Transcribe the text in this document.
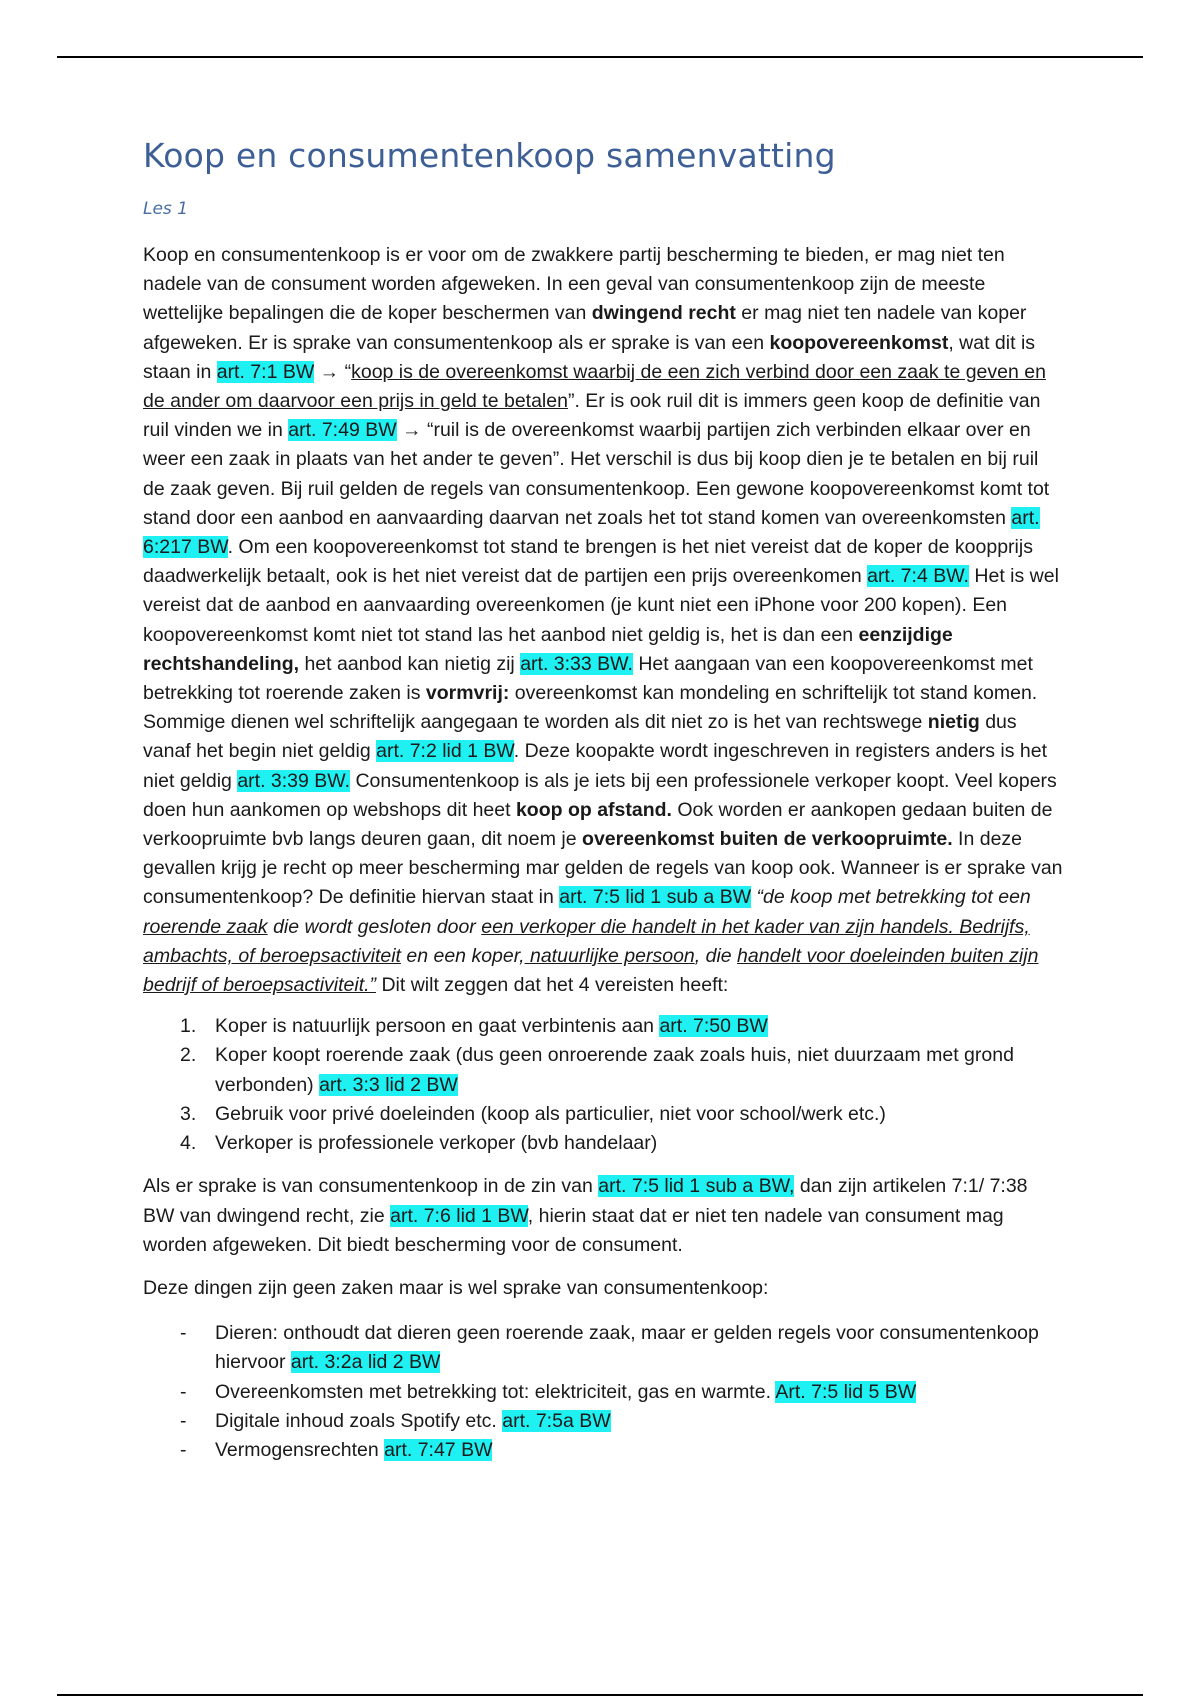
Koop en consumentenkoop samenvatting
Les 1

Koop en consumentenkoop is er voor om de zwakkere partij bescherming te bieden, er mag niet ten nadele van de consument worden afgeweken. In een geval van consumentenkoop zijn de meeste wettelijke bepalingen die de koper beschermen van dwingend recht er mag niet ten nadele van koper afgeweken. Er is sprake van consumentenkoop als er sprake is van een koopovereenkomst, wat dit is staan in art. 7:1 BW → “koop is de overeenkomst waarbij de een zich verbind door een zaak te geven en de ander om daarvoor een prijs in geld te betalen”. Er is ook ruil dit is immers geen koop de definitie van ruil vinden we in art. 7:49 BW → “ruil is de overeenkomst waarbij partijen zich verbinden elkaar over en weer een zaak in plaats van het ander te geven”. Het verschil is dus bij koop dien je te betalen en bij ruil de zaak geven. Bij ruil gelden de regels van consumentenkoop. Een gewone koopovereenkomst komt tot stand door een aanbod en aanvaarding daarvan net zoals het tot stand komen van overeenkomsten art. 6:217 BW. Om een koopovereenkomst tot stand te brengen is het niet vereist dat de koper de koopprijs daadwerkelijk betaalt, ook is het niet vereist dat de partijen een prijs overeenkomen art. 7:4 BW. Het is wel vereist dat de aanbod en aanvaarding overeenkomen (je kunt niet een iPhone voor 200 kopen). Een koopovereenkomst komt niet tot stand las het aanbod niet geldig is, het is dan een eenzijdige rechtshandeling, het aanbod kan nietig zij art. 3:33 BW. Het aangaan van een koopovereenkomst met betrekking tot roerende zaken is vormvrij: overeenkomst kan mondeling en schriftelijk tot stand komen. Sommige dienen wel schriftelijk aangegaan te worden als dit niet zo is het van rechtswege nietig dus vanaf het begin niet geldig art. 7:2 lid 1 BW. Deze koopakte wordt ingeschreven in registers anders is het niet geldig art. 3:39 BW. Consumentenkoop is als je iets bij een professionele verkoper koopt. Veel kopers doen hun aankomen op webshops dit heet koop op afstand. Ook worden er aankopen gedaan buiten de verkoopruimte bvb langs deuren gaan, dit noem je overeenkomst buiten de verkoopruimte. In deze gevallen krijg je recht op meer bescherming mar gelden de regels van koop ook. Wanneer is er sprake van consumentenkoop? De definitie hiervan staat in art. 7:5 lid 1 sub a BW “de koop met betrekking tot een roerende zaak die wordt gesloten door een verkoper die handelt in het kader van zijn handels. Bedrijfs, ambachts, of beroepsactiviteit en een koper, natuurlijke persoon, die handelt voor doeleinden buiten zijn bedrijf of beroepsactiviteit.” Dit wilt zeggen dat het 4 vereisten heeft:

1. Koper is natuurlijk persoon en gaat verbintenis aan art. 7:50 BW
2. Koper koopt roerende zaak (dus geen onroerende zaak zoals huis, niet duurzaam met grond verbonden) art. 3:3 lid 2 BW
3. Gebruik voor privé doeleinden (koop als particulier, niet voor school/werk etc.)
4. Verkoper is professionele verkoper (bvb handelaar)

Als er sprake is van consumentenkoop in de zin van art. 7:5 lid 1 sub a BW, dan zijn artikelen 7:1/ 7:38 BW van dwingend recht, zie art. 7:6 lid 1 BW, hierin staat dat er niet ten nadele van consument mag worden afgeweken. Dit biedt bescherming voor de consument.

Deze dingen zijn geen zaken maar is wel sprake van consumentenkoop:

- Dieren: onthoudt dat dieren geen roerende zaak, maar er gelden regels voor consumentenkoop hiervoor art. 3:2a lid 2 BW
- Overeenkomsten met betrekking tot: elektriciteit, gas en warmte. Art. 7:5 lid 5 BW
- Digitale inhoud zoals Spotify etc. art. 7:5a BW
- Vermogensrechten art. 7:47 BW
